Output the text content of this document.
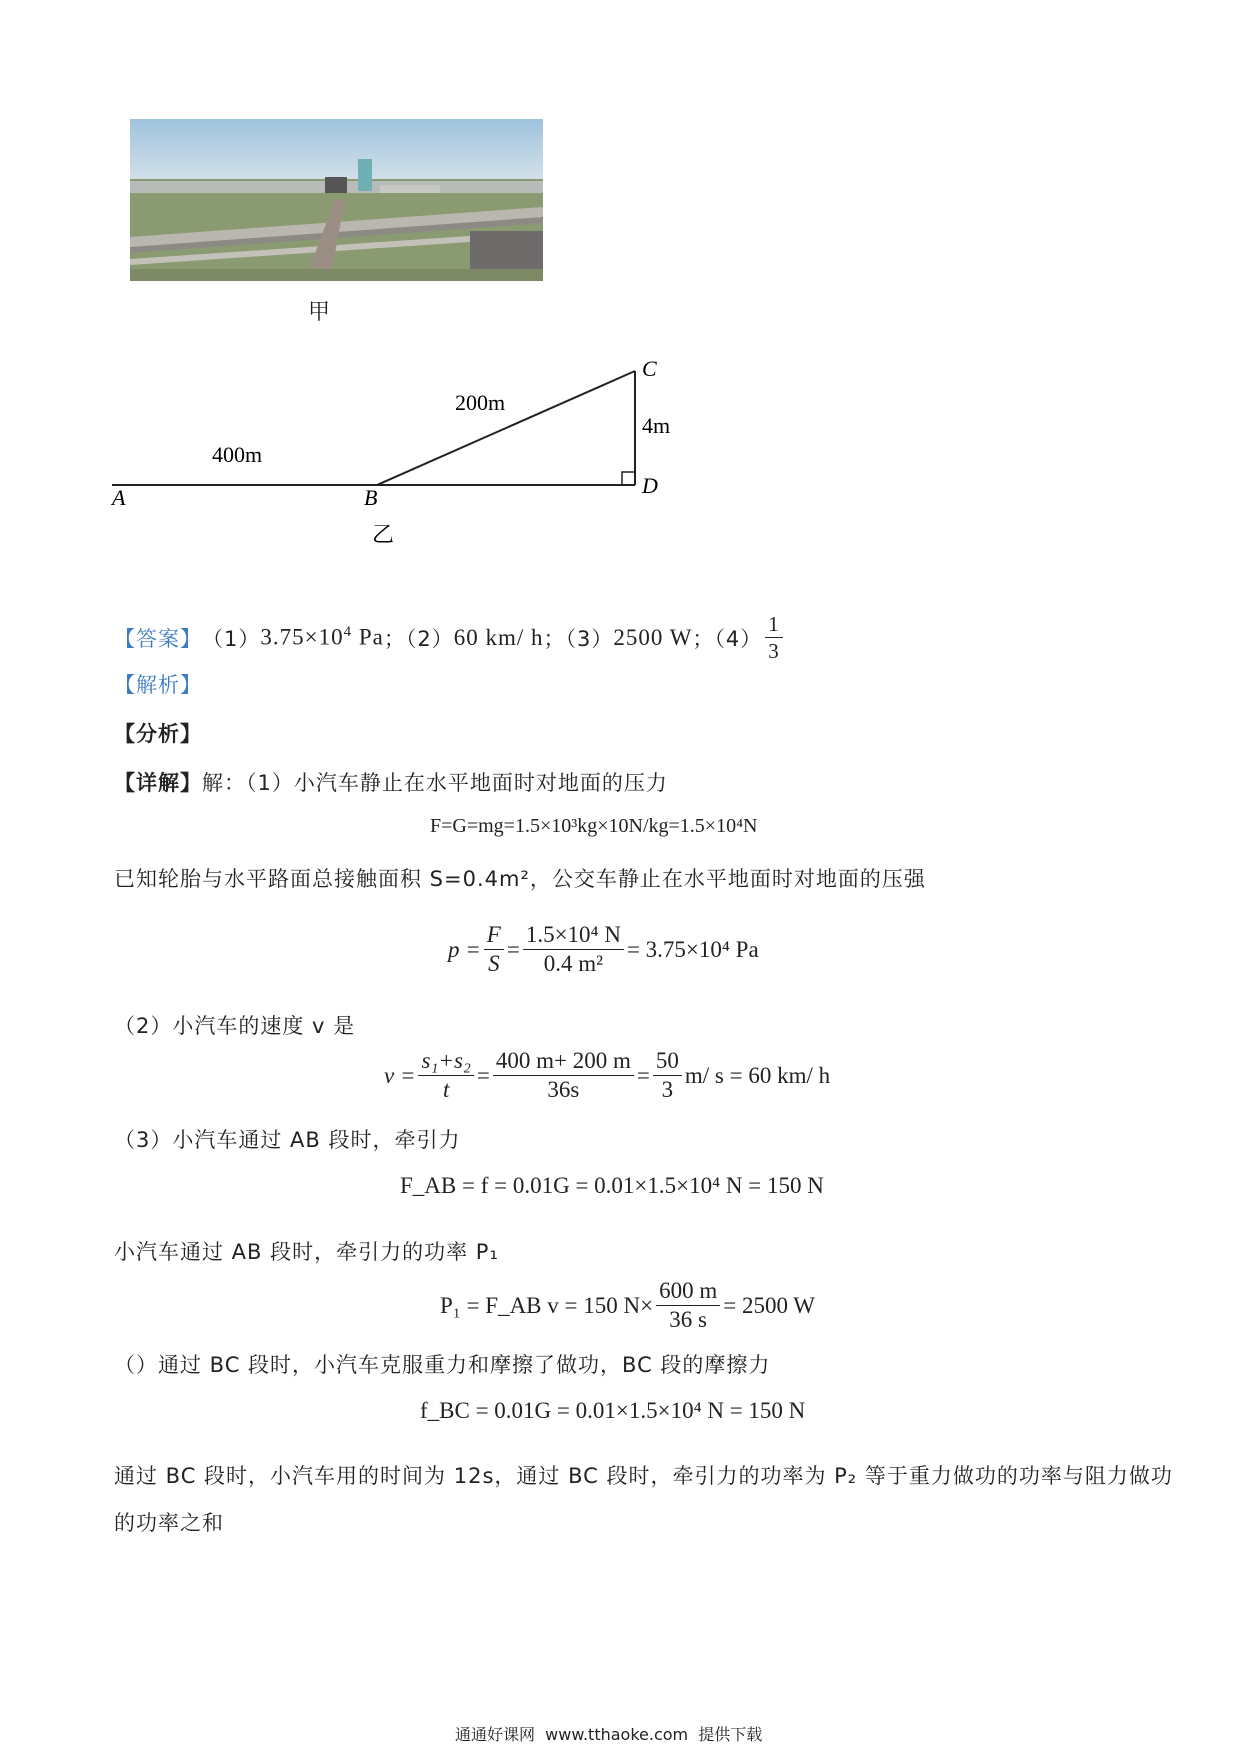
甲
A	B
C
D
400m
200m
4m
乙
【答案】 （1） $3.75\times 10^4$ Pa ；（2） 60 km/ h ；（3） 2500 W ；$(4) \frac{1}{3}$
【解析】
【分析】
【详解】解：（1）小汽车静止在水平地面时对地面的压力
F=G=mg=1.5×10³kg×10N/kg=1.5×10⁴N
已知轮胎与水平路面总接触面积 S=0.4m²，公交车静止在水平地面时对地面的压强
$p = \frac{F}{S} = \frac{\text{1.5×10⁴ N}}{\text{0.4 m²}} = 3.75\times 10^4$ Pa
（2）小汽车的速度 v 是
$v = \frac{\text{s₁+s₂}}{t} = \frac{400 m+ 200 m}{36s} = \frac{50}{3} m/$ s = 60 km/ h
（3）小汽车通过 AB 段时，牵引力
F_AB = f = 0.01G = 0.01×1.5×10⁴ N = 150 N
小汽车通过 AB 段时，牵引力的功率 P₁
P₁ = F_AB v = 150 $N\times \frac{600 m}{36 s} = 2500$ W
（）通过 BC 段时，小汽车克服重力和摩擦了做功，BC 段的摩擦力
f_BC = 0.01G = 0.01×1.5×10⁴ N = 150 N
通过 BC 段时，小汽车用的时间为 12s，通过 BC 段时，牵引力的功率为 P₂ 等于重力做功的功率与阻力做功
的功率之和
通通好课网  www.tthaoke.com  提供下载
